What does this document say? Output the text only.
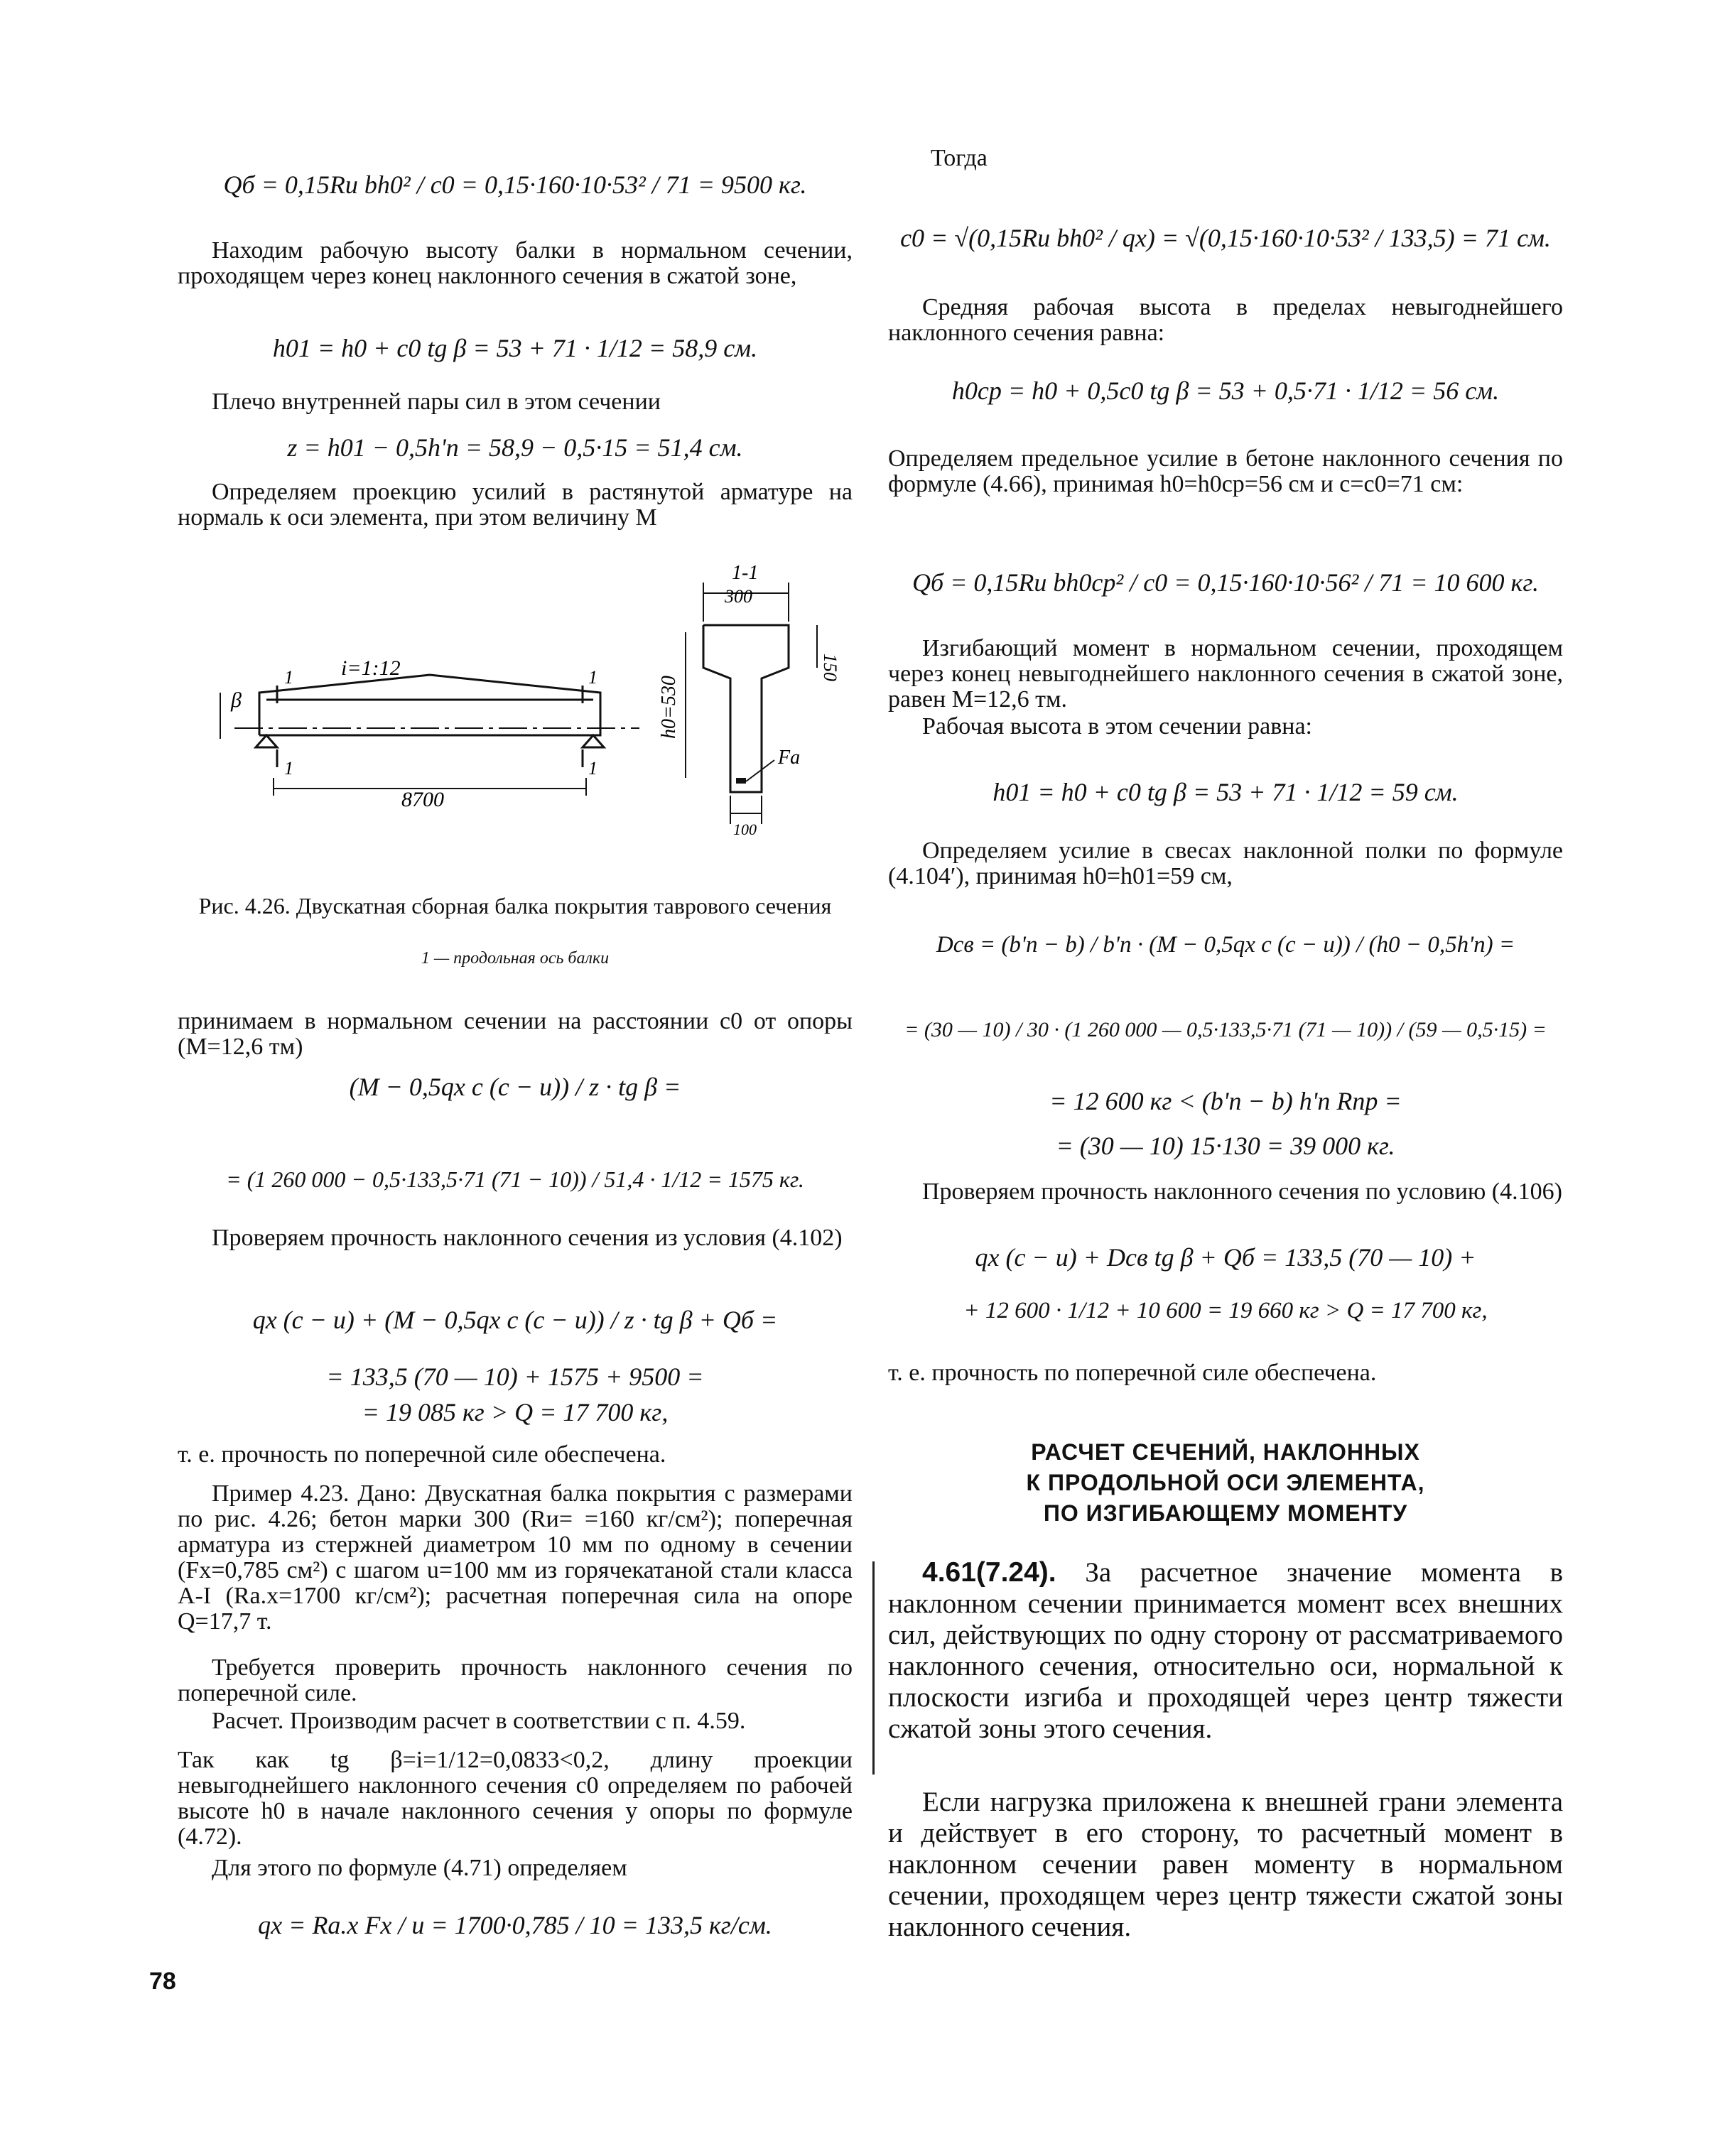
Qб = 0,15Rи bh0² / c0 = 0,15·160·10·53² / 71 = 9500 кг.
Находим рабочую высоту балки в нормальном сечении, проходящем через конец наклонного сечения в сжатой зоне,
h01 = h0 + c0 tg β = 53 + 71 · 1/12 = 58,9 см.
Плечо внутренней пары сил в этом сечении
z = h01 − 0,5h'п = 58,9 − 0,5·15 = 51,4 см.
Определяем проекцию усилий в растянутой арматуре на нормаль к оси элемента, при этом величину M
β
i=1:12
8700
1	1
1	1
1-1
300
150
h0=530
Fa
100
Рис. 4.26. Двускатная сборная балка покрытия таврового сечения
1 — продольная ось балки
принимаем в нормальном сечении на расстоянии c0 от опоры (M=12,6 тм)
(M − 0,5qx c (c − u)) / z · tg β =
= (1 260 000 − 0,5·133,5·71 (71 − 10)) / 51,4 · 1/12 = 1575 кг.
Проверяем прочность наклонного сечения из условия (4.102)
qx (c − u) + (M − 0,5qx c (c − u)) / z · tg β + Qб =
= 133,5 (70 — 10) + 1575 + 9500 =
= 19 085 кг > Q = 17 700 кг,
т. е. прочность по поперечной силе обеспечена.
Пример 4.23. Дано: Двускатная балка покрытия с размерами по рис. 4.26; бетон марки 300 (Rи= =160 кг/см²); поперечная арматура из стержней диаметром 10 мм по одному в сечении (Fx=0,785 см²) с шагом u=100 мм из горячекатаной стали класса А-I (Rа.х=1700 кг/см²); расчетная поперечная сила на опоре Q=17,7 т.
Требуется проверить прочность наклонного сечения по поперечной силе.
Расчет. Производим расчет в соответствии с п. 4.59.
Так как tg β=i=1/12=0,0833<0,2, длину проекции невыгоднейшего наклонного сечения c0 определяем по рабочей высоте h0 в начале наклонного сечения у опоры по формуле (4.72).
Для этого по формуле (4.71) определяем
qx = Rа.х Fx / u = 1700·0,785 / 10 = 133,5 кг/см.
Тогда
c0 = √(0,15Rи bh0² / qx) = √(0,15·160·10·53² / 133,5) = 71 см.
Средняя рабочая высота в пределах невыгоднейшего наклонного сечения равна:
h0ср = h0 + 0,5c0 tg β = 53 + 0,5·71 · 1/12 = 56 см.
Определяем предельное усилие в бетоне наклонного сечения по формуле (4.66), принимая h0=h0ср=56 см и c=c0=71 см:
Qб = 0,15Rи bh0ср² / c0 = 0,15·160·10·56² / 71 = 10 600 кг.
Изгибающий момент в нормальном сечении, проходящем через конец невыгоднейшего наклонного сечения в сжатой зоне, равен M=12,6 тм.
Рабочая высота в этом сечении равна:
h01 = h0 + c0 tg β = 53 + 71 · 1/12 = 59 см.
Определяем усилие в свесах наклонной полки по формуле (4.104′), принимая h0=h01=59 см,
Dсв = (b'п − b) / b'п · (M − 0,5qx c (c − u)) / (h0 − 0,5h'п) =
= (30 — 10) / 30 · (1 260 000 — 0,5·133,5·71 (71 — 10)) / (59 — 0,5·15) =
= 12 600 кг < (b'п − b) h'п Rпр =
= (30 — 10) 15·130 = 39 000 кг.
Проверяем прочность наклонного сечения по условию (4.106)
qx (c − u) + Dсв tg β + Qб = 133,5 (70 — 10) +
+ 12 600 · 1/12 + 10 600 = 19 660 кг > Q = 17 700 кг,
т. е. прочность по поперечной силе обеспечена.
РАСЧЕТ СЕЧЕНИЙ, НАКЛОННЫХ
К ПРОДОЛЬНОЙ ОСИ ЭЛЕМЕНТА,
ПО ИЗГИБАЮЩЕМУ МОМЕНТУ
4.61(7.24). За расчетное значение момента в наклонном сечении принимается момент всех внешних сил, действующих по одну сторону от рассматриваемого наклонного сечения, относительно оси, нормальной к плоскости изгиба и проходящей через центр тяжести сжатой зоны этого сечения.
Если нагрузка приложена к внешней грани элемента и действует в его сторону, то расчетный момент в наклонном сечении равен моменту в нормальном сечении, проходящем через центр тяжести сжатой зоны наклонного сечения.
78
